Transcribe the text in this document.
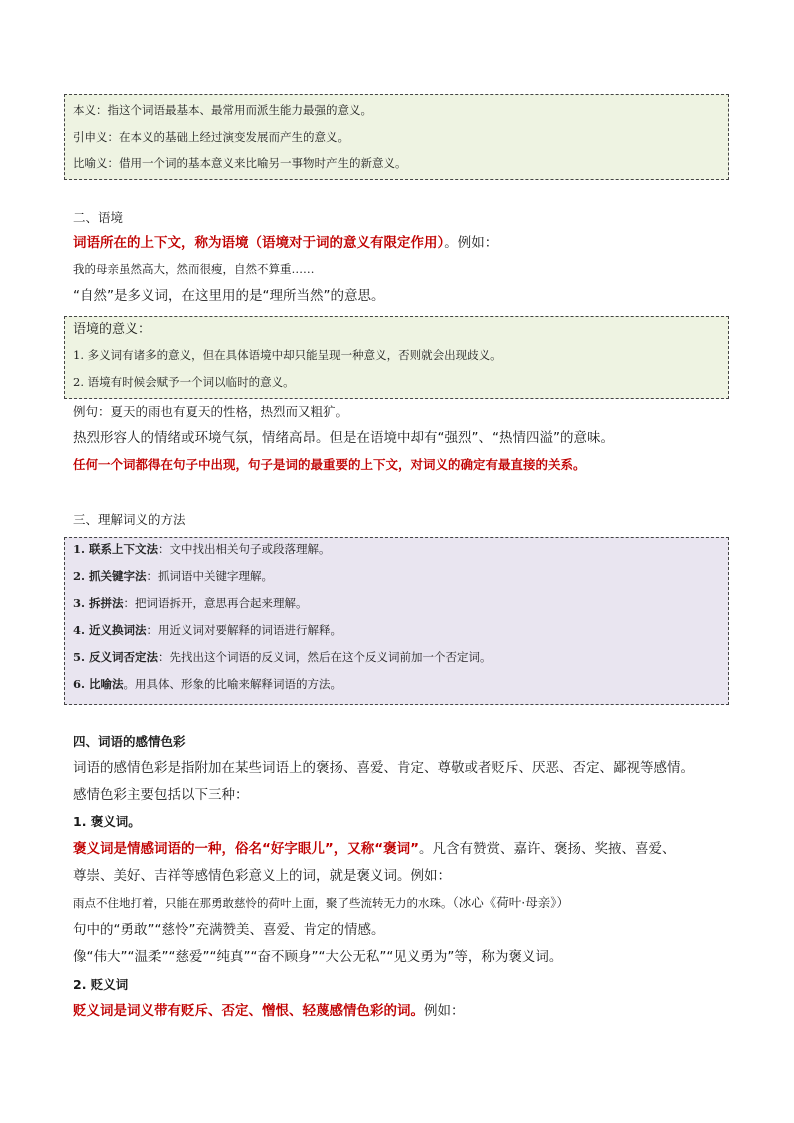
本义：指这个词语最基本、最常用而派生能力最强的意义。
引申义：在本义的基础上经过演变发展而产生的意义。
比喻义：借用一个词的基本意义来比喻另一事物时产生的新意义。
二、语境
词语所在的上下文，称为语境（语境对于词的意义有限定作用）。例如：
我的母亲虽然高大，然而很瘦，自然不算重……
“自然”是多义词，在这里用的是“理所当然”的意思。
语境的意义：
1. 多义词有诸多的意义，但在具体语境中却只能呈现一种意义，否则就会出现歧义。
2. 语境有时候会赋予一个词以临时的意义。
例句：夏天的雨也有夏天的性格，热烈而又粗犷。
热烈形容人的情绪或环境气氛，情绪高昂。但是在语境中却有“强烈”、“热情四溢”的意味。
任何一个词都得在句子中出现，句子是词的最重要的上下文，对词义的确定有最直接的关系。
三、理解词义的方法
1. 联系上下文法：文中找出相关句子或段落理解。
2. 抓关键字法：抓词语中关键字理解。
3. 拆拼法：把词语拆开，意思再合起来理解。
4. 近义换词法：用近义词对要解释的词语进行解释。
5. 反义词否定法：先找出这个词语的反义词，然后在这个反义词前加一个否定词。
6. 比喻法。用具体、形象的比喻来解释词语的方法。
四、词语的感情色彩
词语的感情色彩是指附加在某些词语上的褒扬、喜爱、肯定、尊敬或者贬斥、厌恶、否定、鄙视等感情。
感情色彩主要包括以下三种：
1. 褒义词。
褒义词是情感词语的一种，俗名“好字眼儿”，又称“褒词”。凡含有赞赏、嘉许、褒扬、奖掖、喜爱、
尊崇、美好、吉祥等感情色彩意义上的词，就是褒义词。例如：
雨点不住地打着，只能在那勇敢慈怜的荷叶上面，聚了些流转无力的水珠。（冰心《荷叶·母亲》）
句中的“勇敢”“慈怜”充满赞美、喜爱、肯定的情感。
像“伟大”“温柔”“慈爱”“纯真”“奋不顾身”“大公无私”“见义勇为”等，称为褒义词。
2. 贬义词
贬义词是词义带有贬斥、否定、憎恨、轻蔑感情色彩的词。例如：
